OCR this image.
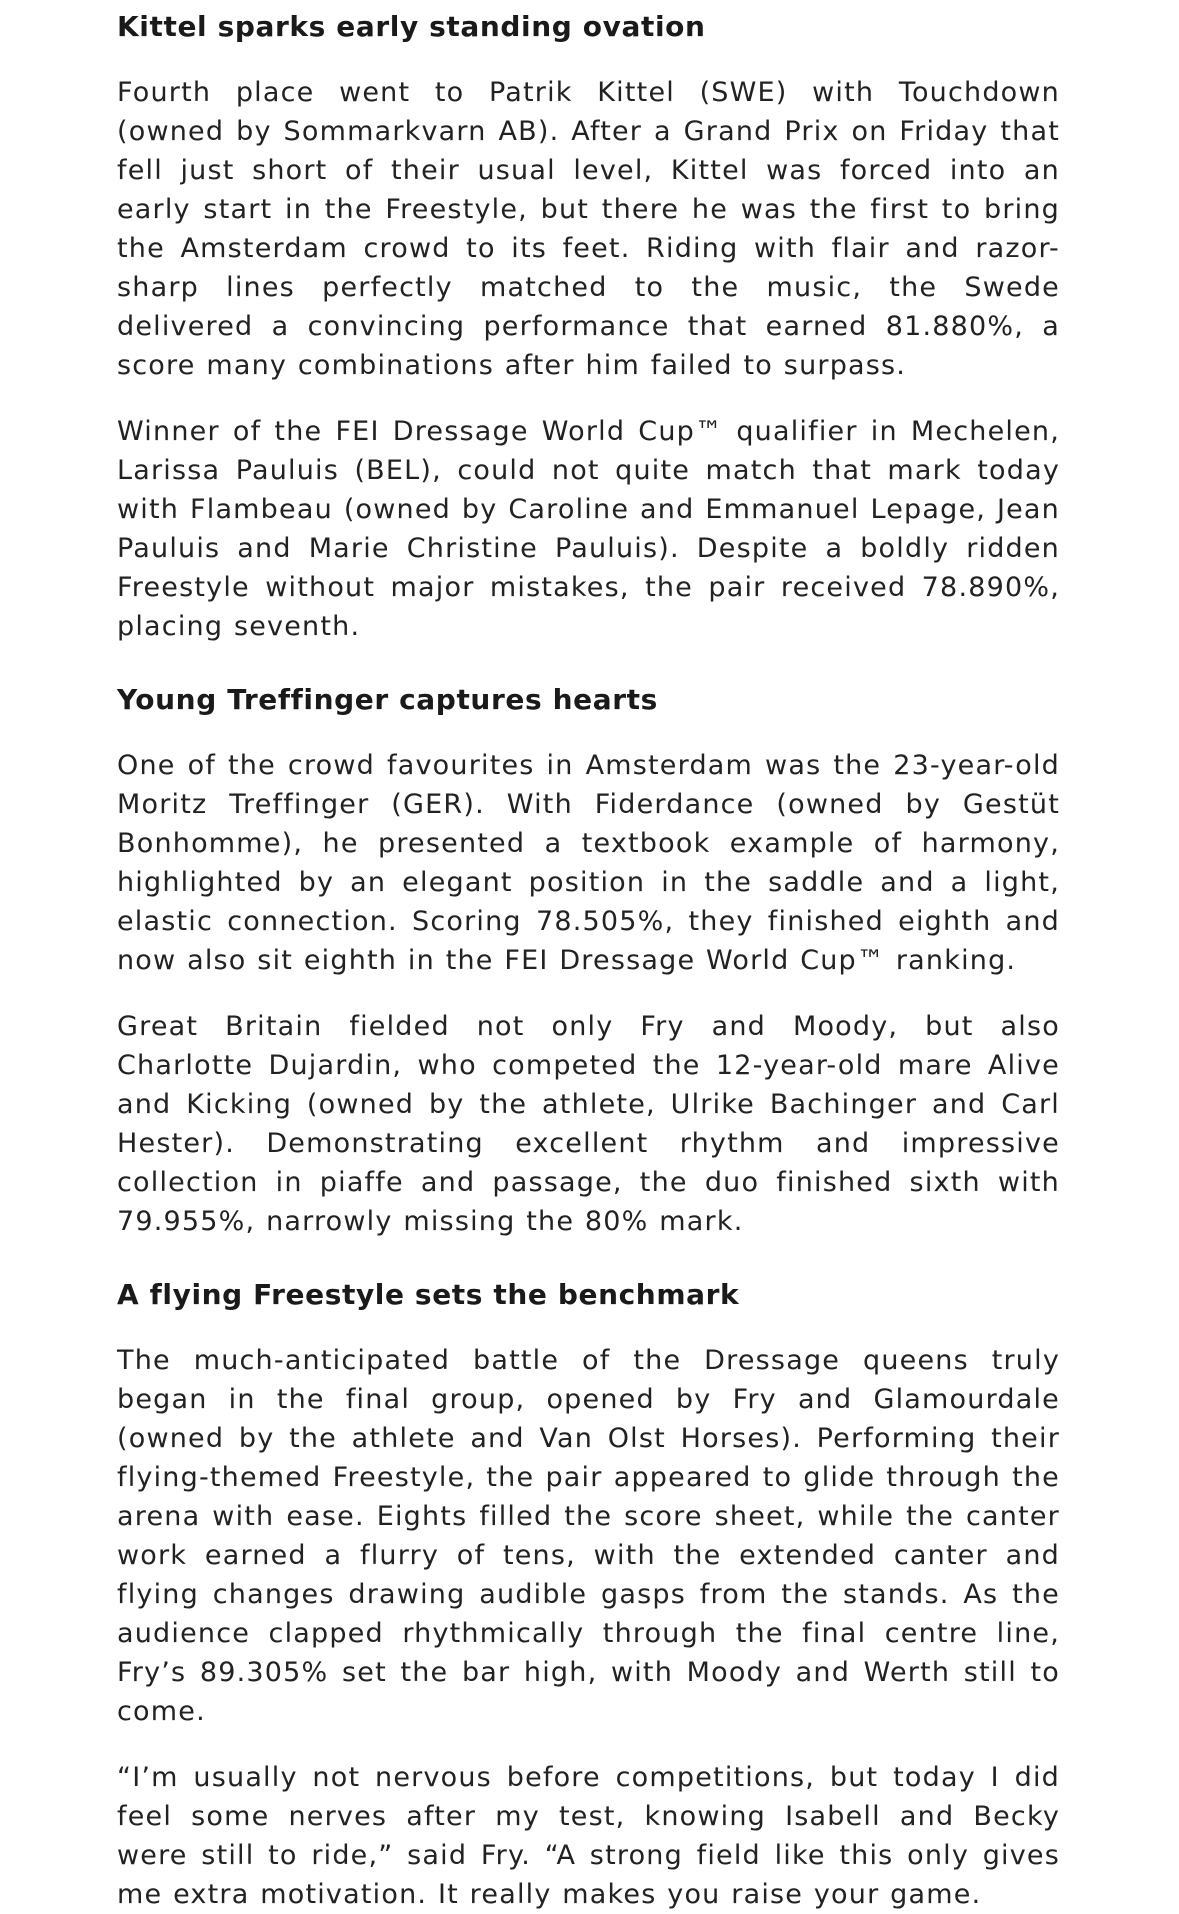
Kittel sparks early standing ovation

Fourth place went to Patrik Kittel (SWE) with Touchdown (owned by Sommarkvarn AB). After a Grand Prix on Friday that fell just short of their usual level, Kittel was forced into an early start in the Freestyle, but there he was the first to bring the Amsterdam crowd to its feet. Riding with flair and razor-sharp lines perfectly matched to the music, the Swede delivered a convincing performance that earned 81.880%, a score many combinations after him failed to surpass.

Winner of the FEI Dressage World Cup™ qualifier in Mechelen, Larissa Pauluis (BEL), could not quite match that mark today with Flambeau (owned by Caroline and Emmanuel Lepage, Jean Pauluis and Marie Christine Pauluis). Despite a boldly ridden Freestyle without major mistakes, the pair received 78.890%, placing seventh.

Young Treffinger captures hearts

One of the crowd favourites in Amsterdam was the 23-year-old Moritz Treffinger (GER). With Fiderdance (owned by Gestüt Bonhomme), he presented a textbook example of harmony, highlighted by an elegant position in the saddle and a light, elastic connection. Scoring 78.505%, they finished eighth and now also sit eighth in the FEI Dressage World Cup™ ranking.

Great Britain fielded not only Fry and Moody, but also Charlotte Dujardin, who competed the 12-year-old mare Alive and Kicking (owned by the athlete, Ulrike Bachinger and Carl Hester). Demonstrating excellent rhythm and impressive collection in piaffe and passage, the duo finished sixth with 79.955%, narrowly missing the 80% mark.

A flying Freestyle sets the benchmark

The much-anticipated battle of the Dressage queens truly began in the final group, opened by Fry and Glamourdale (owned by the athlete and Van Olst Horses). Performing their flying-themed Freestyle, the pair appeared to glide through the arena with ease. Eights filled the score sheet, while the canter work earned a flurry of tens, with the extended canter and flying changes drawing audible gasps from the stands. As the audience clapped rhythmically through the final centre line, Fry’s 89.305% set the bar high, with Moody and Werth still to come.

“I’m usually not nervous before competitions, but today I did feel some nerves after my test, knowing Isabell and Becky were still to ride,” said Fry. “A strong field like this only gives me extra motivation. It really makes you raise your game.
